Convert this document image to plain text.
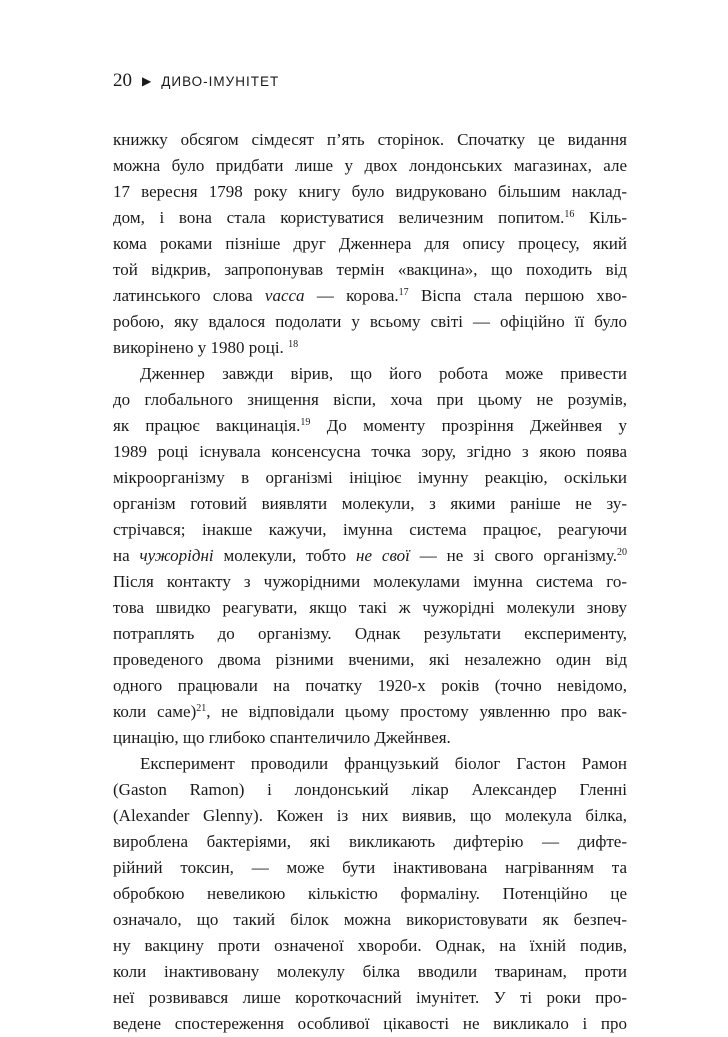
20 ▶ ДИВО-ІМУНІТЕТ
книжку обсягом сімдесят п’ять сторінок. Спочатку це видання
можна було придбати лише у двох лондонських магазинах, але
17 вересня 1798 року книгу було видруковано більшим наклад-
дом, і вона стала користуватися величезним попитом.$^{16}$ Кіль-
кома роками пізніше друг Дженнера для опису процесу, який
той відкрив, запропонував термін «вакцина», що походить від
латинського слова vacca — корова.$^{17}$ Віспа стала першою хво-
робою, яку вдалося подолати у всьому світі — офіційно її було
викорінено у 1980 році. $^{18}$
Дженнер завжди вірив, що його робота може привести
до глобального знищення віспи, хоча при цьому не розумів,
як працює вакцинація.$^{19}$ До моменту прозріння Джейнвея у
1989 році існувала консенсусна точка зору, згідно з якою поява
мікроорганізму в організмі ініціює імунну реакцію, оскільки
організм готовий виявляти молекули, з якими раніше не зу-
стрічався; інакше кажучи, імунна система працює, реагуючи
на чужорідні молекули, тобто не свої — не зі свого організму.$^{20}$
Після контакту з чужорідними молекулами імунна система го-
това швидко реагувати, якщо такі ж чужорідні молекули знову
потраплять до організму. Однак результати експерименту,
проведеного двома різними вченими, які незалежно один від
одного працювали на початку 1920-х років (точно невідомо,
коли саме)$^{21}$, не відповідали цьому простому уявленню про вак-
цинацію, що глибоко спантеличило Джейнвея.
Експеримент проводили французький біолог Гастон Рамон
(Gaston Ramon) і лондонський лікар Александер Гленні
(Alexander Glenny). Кожен із них виявив, що молекула білка,
вироблена бактеріями, які викликають дифтерію — дифте-
рійний токсин, — може бути інактивована нагріванням та
обробкою невеликою кількістю формаліну. Потенційно це
означало, що такий білок можна використовувати як безпеч-
ну вакцину проти означеної хвороби. Однак, на їхній подив,
коли інактивовану молекулу білка вводили тваринам, проти
неї розвивався лише короткочасний імунітет. У ті роки про-
ведене спостереження особливої цікавості не викликало і про
